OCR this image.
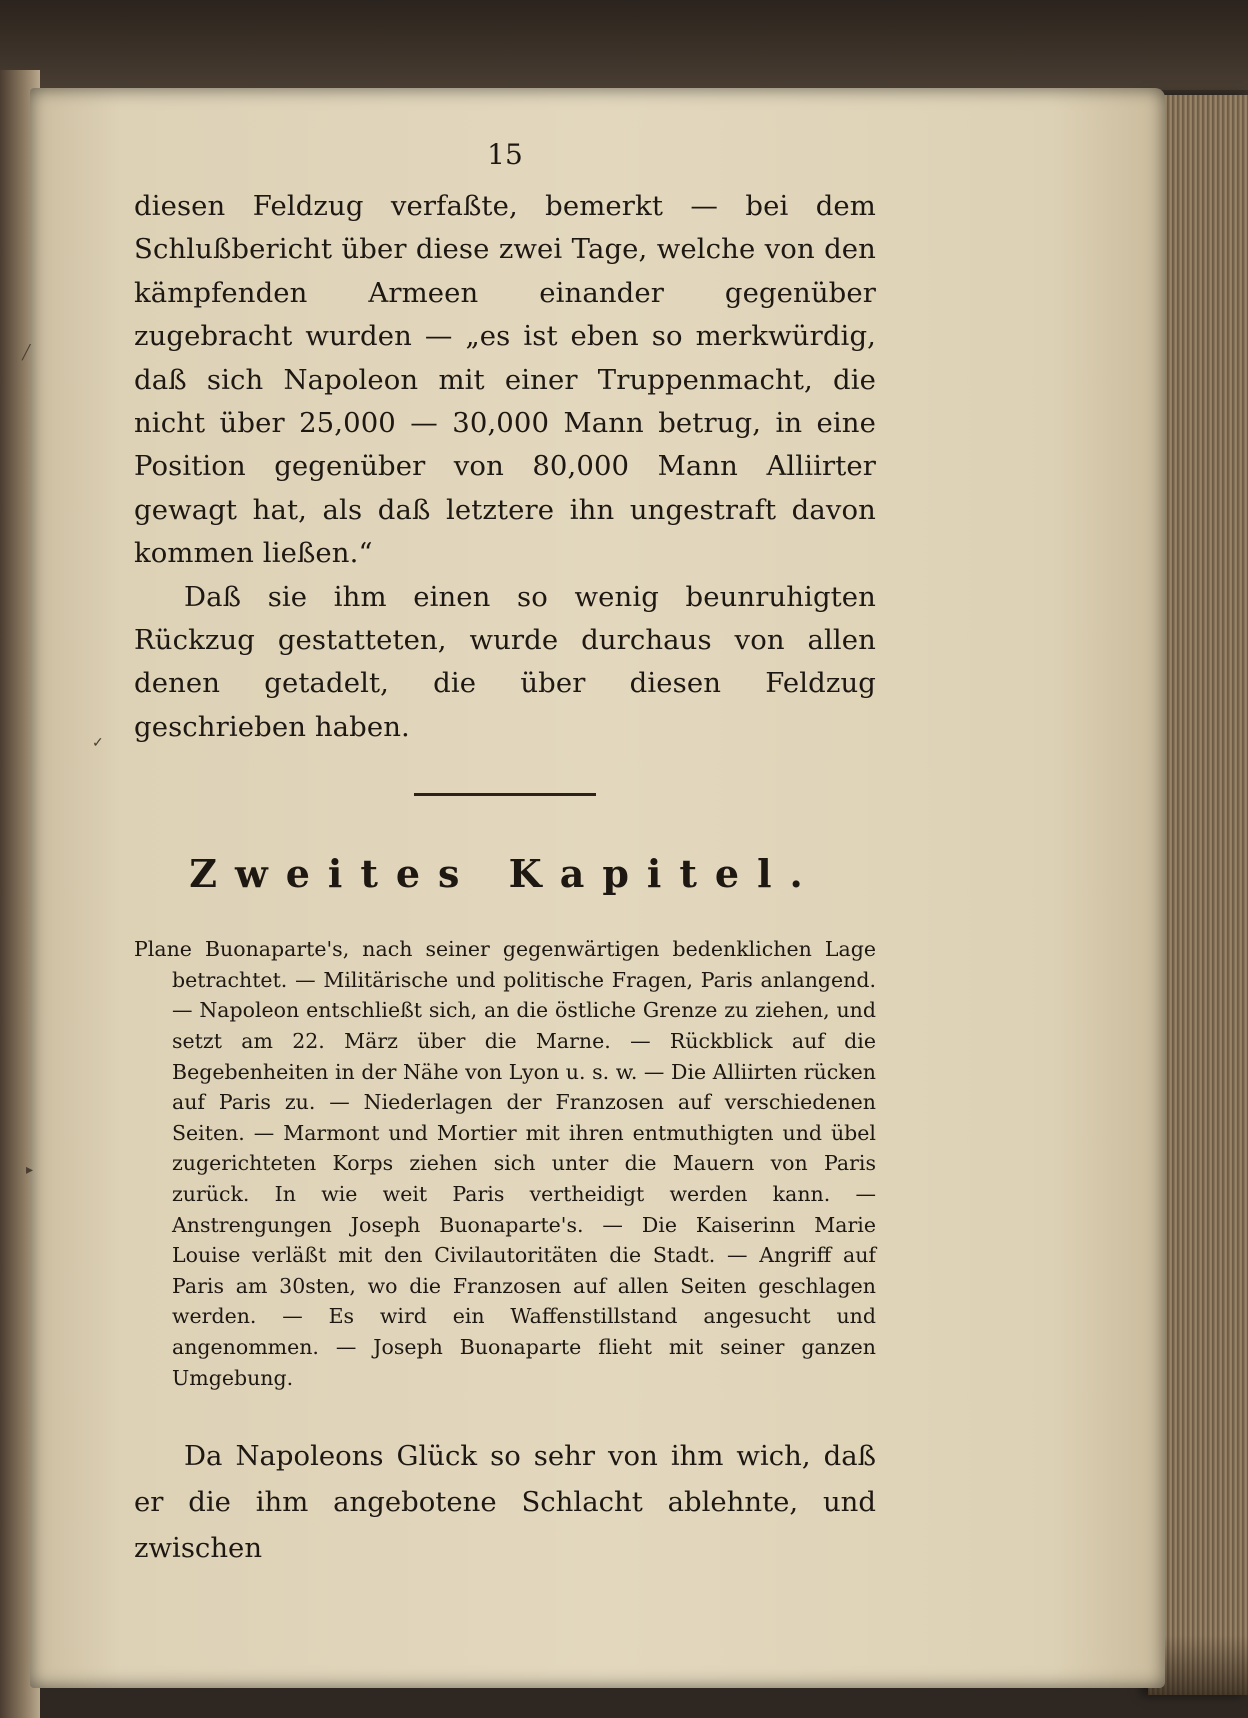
╱
✓
▸
15

diesen Feldzug verfaßte, bemerkt — bei dem Schlußbericht über diese zwei Tage, welche von den kämpfenden Armeen einander gegenüber zugebracht wurden — „es ist eben so merkwürdig, daß sich Napoleon mit einer Truppenmacht, die nicht über 25,000 — 30,000 Mann betrug, in eine Position gegenüber von 80,000 Mann Alliirter gewagt hat, als daß letztere ihn ungestraft davon kommen ließen.“

Daß sie ihm einen so wenig beunruhigten Rückzug gestatteten, wurde durchaus von allen denen getadelt, die über diesen Feldzug geschrieben haben.

Zweites Kapitel.

Plane Buonaparte's, nach seiner gegenwärtigen bedenklichen Lage betrachtet. — Militärische und politische Fragen, Paris anlangend. — Napoleon entschließt sich, an die östliche Grenze zu ziehen, und setzt am 22. März über die Marne. — Rückblick auf die Begebenheiten in der Nähe von Lyon u. s. w. — Die Alliirten rücken auf Paris zu. — Niederlagen der Franzosen auf verschiedenen Seiten. — Marmont und Mortier mit ihren entmuthigten und übel zugerichteten Korps ziehen sich unter die Mauern von Paris zurück. In wie weit Paris vertheidigt werden kann. — Anstrengungen Joseph Buonaparte's. — Die Kaiserinn Marie Louise verläßt mit den Civilautoritäten die Stadt. — Angriff auf Paris am 30sten, wo die Franzosen auf allen Seiten geschlagen werden. — Es wird ein Waffenstillstand angesucht und angenommen. — Joseph Buonaparte flieht mit seiner ganzen Umgebung.

Da Napoleons Glück so sehr von ihm wich, daß er die ihm angebotene Schlacht ablehnte, und zwischen
